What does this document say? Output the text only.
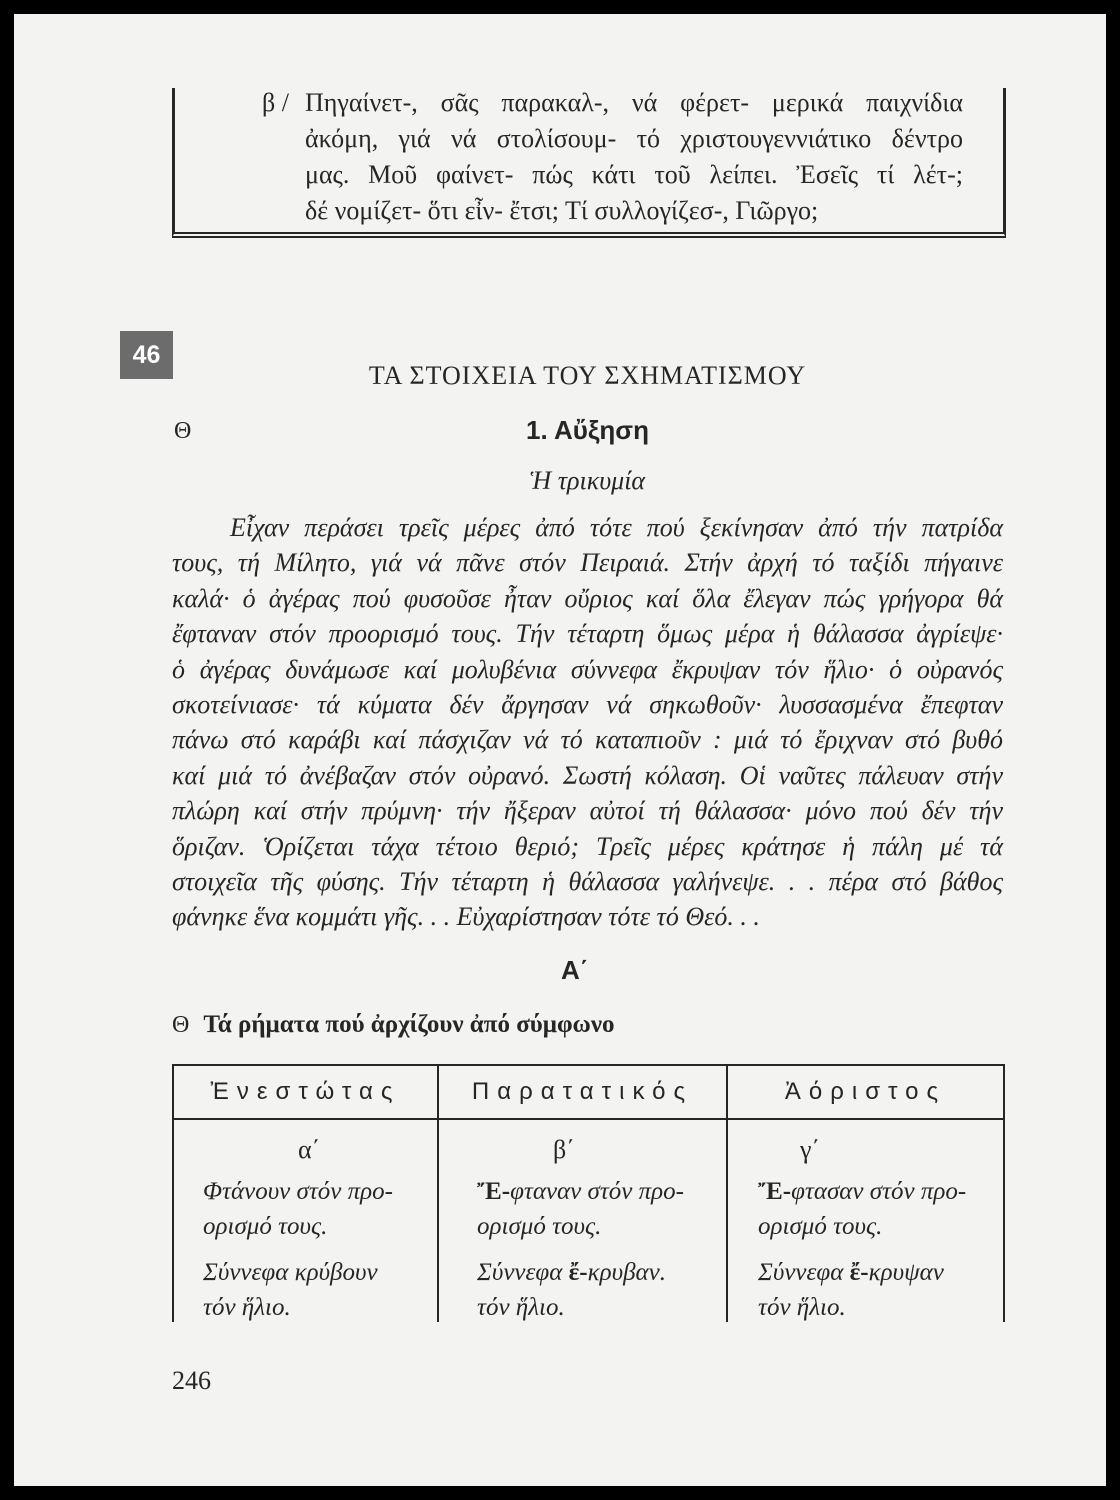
β / Πηγαίνετ-, σᾶς παρακαλ-, νά φέρετ- μερικά παιχνίδια
ἀκόμη, γιά νά στολίσουμ- τό χριστουγεννιάτικο δέντρο
μας. Μοῦ φαίνετ- πώς κάτι τοῦ λείπει. Ἐσεῖς τί λέτ-;
δέ νομίζετ- ὅτι εἶν- ἔτσι; Τί συλλογίζεσ-, Γιῶργο;
46
ΤΑ ΣΤΟΙΧΕΙΑ ΤΟΥ ΣΧΗΜΑΤΙΣΜΟΥ
Θ	1. Αὔξηση
Ἡ τρικυμία
Εἶχαν περάσει τρεῖς μέρες ἀπό τότε πού ξεκίνησαν ἀπό τήν πατρίδα
τους, τή Μίλητο, γιά νά πᾶνε στόν Πειραιά. Στήν ἀρχή τό ταξίδι πήγαινε
καλά· ὁ ἀγέρας πού φυσοῦσε ἦταν οὔριος καί ὅλα ἔλεγαν πώς γρήγορα θά
ἔφταναν στόν προορισμό τους. Τήν τέταρτη ὅμως μέρα ἡ θάλασσα ἀγρίεψε·
ὁ ἀγέρας δυνάμωσε καί μολυβένια σύννεφα ἔκρυψαν τόν ἥλιο· ὁ οὐρανός
σκοτείνιασε· τά κύματα δέν ἄργησαν νά σηκωθοῦν· λυσσασμένα ἔπεφταν
πάνω στό καράβι καί πάσχιζαν νά τό καταπιοῦν : μιά τό ἔριχναν στό βυθό
καί μιά τό ἀνέβαζαν στόν οὐρανό. Σωστή κόλαση. Οἱ ναῦτες πάλευαν στήν
πλώρη καί στήν πρύμνη· τήν ἤξεραν αὐτοί τή θάλασσα· μόνο πού δέν τήν
ὅριζαν. Ὁρίζεται τάχα τέτοιο θεριό; Τρεῖς μέρες κράτησε ἡ πάλη μέ τά
στοιχεῖα τῆς φύσης. Τήν τέταρτη ἡ θάλασσα γαλήνεψε. . . πέρα στό βάθος
φάνηκε ἕνα κομμάτι γῆς. . . Εὐχαρίστησαν τότε τό Θεό. . .
Α΄
Θ Τά ρήματα πού ἀρχίζουν ἀπό σύμφωνο
Ἐνεστώτας
α΄
Φτάνουν στόν προ-
ορισμό τους.
Σύννεφα κρύβουν
τόν ἥλιο.
Παρατατικός
β΄
Ἔ-φταναν στόν προ-
ορισμό τους.
Σύννεφα ἔ-κρυβαν.
τόν ἥλιο.
Ἀόριστος
γ΄
Ἔ-φτασαν στόν προ-
ορισμό τους.
Σύννεφα ἔ-κρυψαν
τόν ἥλιο.
246
